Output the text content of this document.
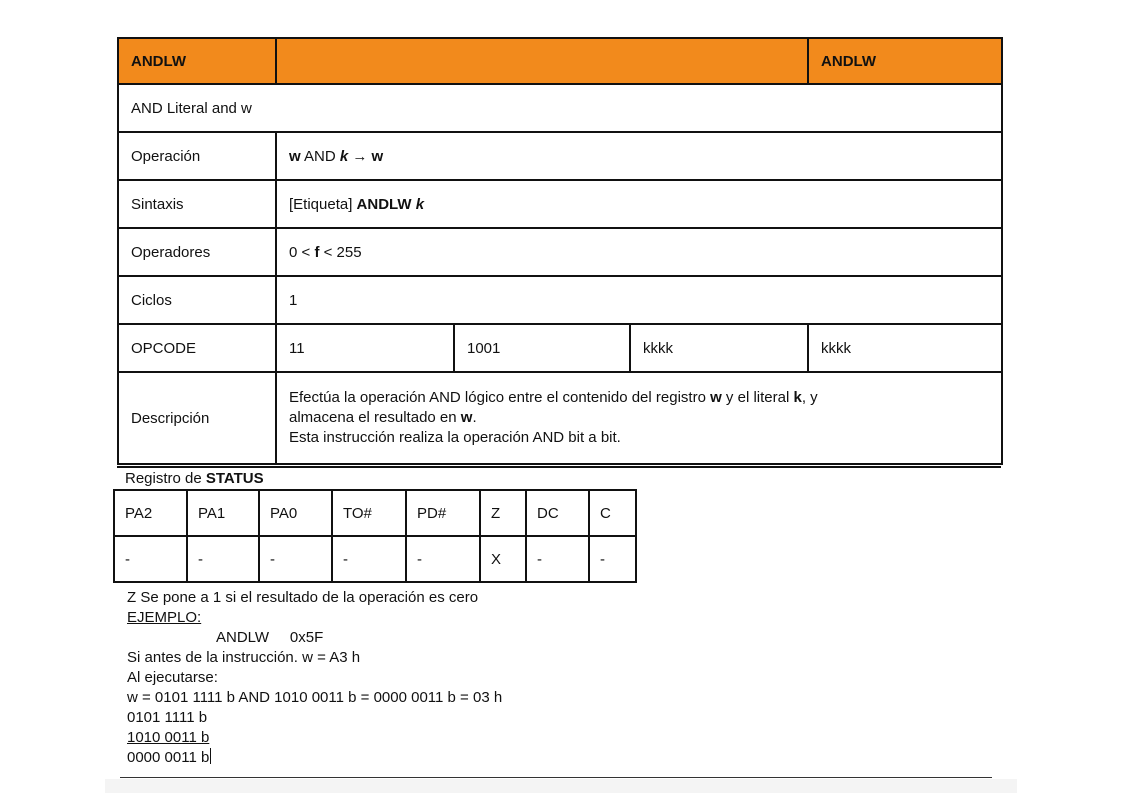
ANDLW				ANDLW
AND Literal and w				
Operación	w AND k → w			
Sintaxis	[Etiqueta] ANDLW k			
Operadores	0 < f < 255			
Ciclos	1			
OPCODE	11	1001	kkkk	kkkk
Descripción	Efectúa la operación AND lógico entre el contenido del registro w y el literal k, y
almacena el resultado en w.
Esta instrucción realiza la operación AND bit a bit.			
Registro de STATUS
PA2	PA1	PA0	TO#	PD#	Z	DC	C
-	-	-	-	-	X	-	-
Z Se pone a 1 si el resultado de la operación es cero
EJEMPLO:
ANDLW     0x5F
Si antes de la instrucción. w = A3 h
Al ejecutarse:
w = 0101 1111 b AND 1010 0011 b = 0000 0011 b = 03 h
0101 1111 b
1010 0011 b
0000 0011 b
